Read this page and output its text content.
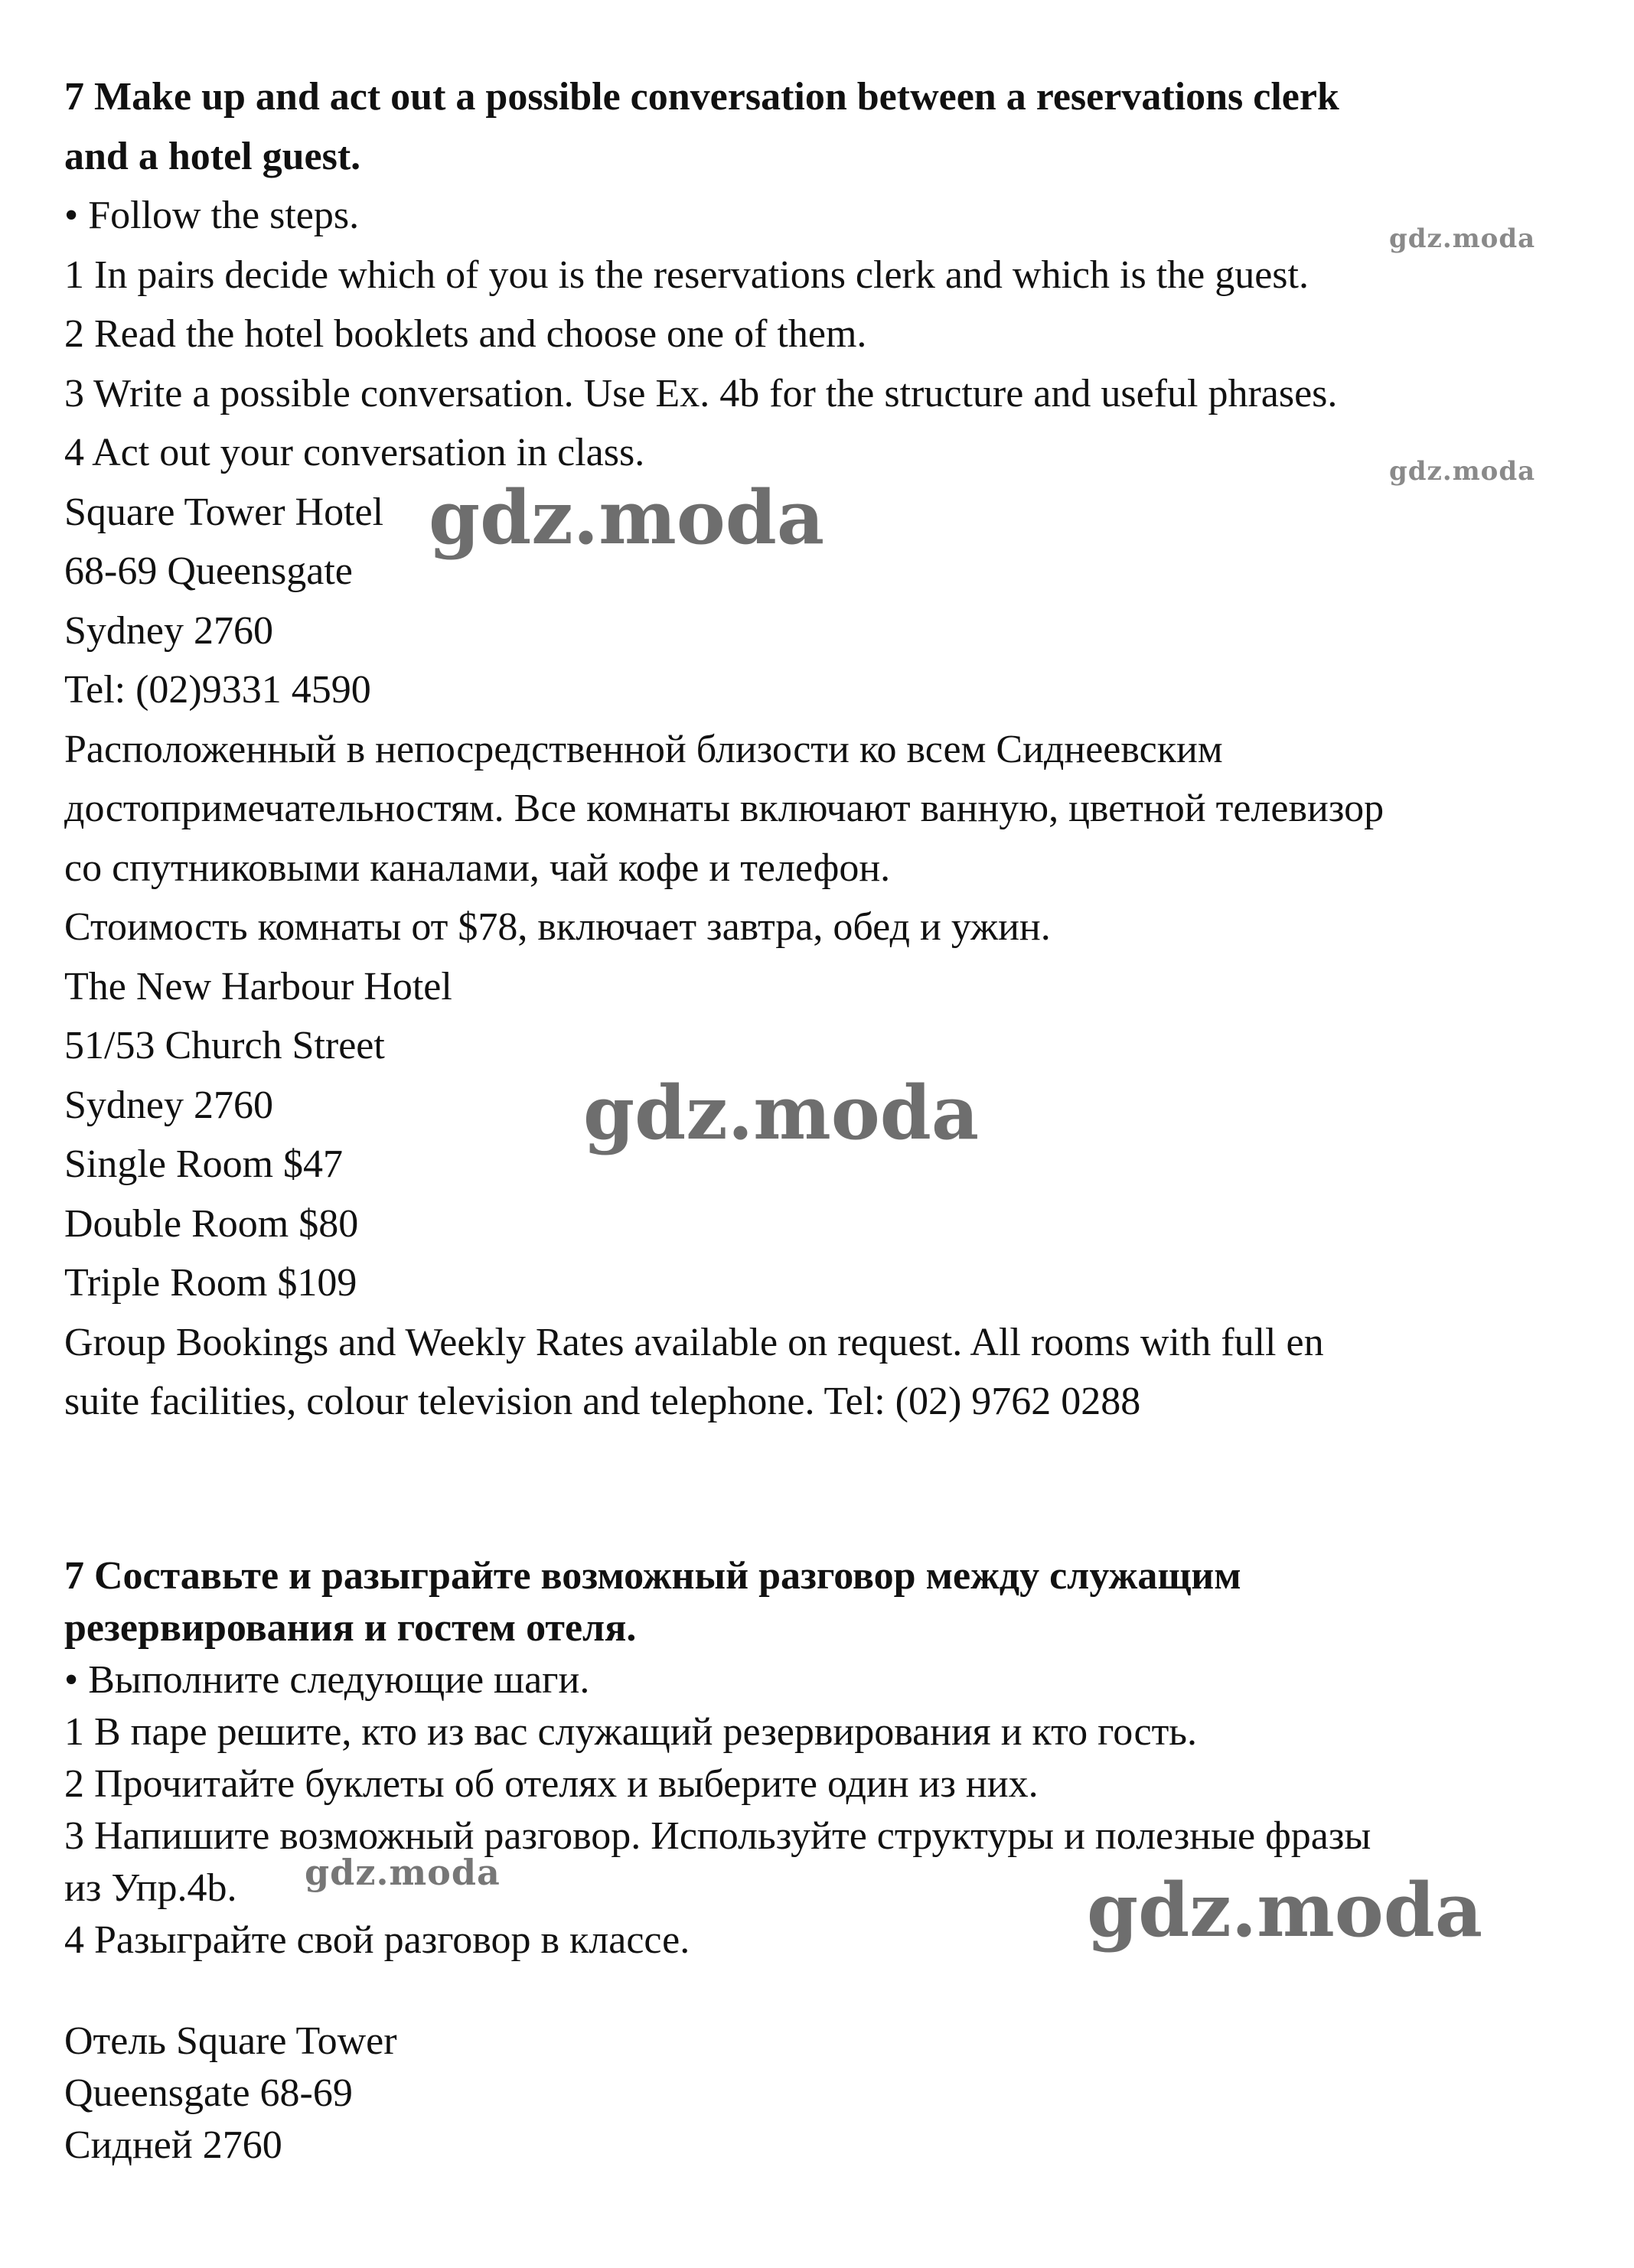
7 Make up and act out a possible conversation between a reservations clerk
and a hotel guest.
• Follow the steps.
1 In pairs decide which of you is the reservations clerk and which is the guest.
2 Read the hotel booklets and choose one of them.
3 Write a possible conversation. Use Ex. 4b for the structure and useful phrases.
4 Act out your conversation in class.
Square Tower Hotel
68-69 Queensgate
Sydney 2760
Tel: (02)9331 4590
Расположенный в непосредственной близости ко всем Сиднеевским
достопримечательностям. Все комнаты включают ванную, цветной телевизор
со спутниковыми каналами, чай кофе и телефон.
Стоимость комнаты от $78, включает завтра, обед и ужин.
The New Harbour Hotel
51/53 Church Street
Sydney 2760
Single Room $47
Double Room $80
Triple Room $109
Group Bookings and Weekly Rates available on request. All rooms with full en
suite facilities, colour television and telephone. Tel: (02) 9762 0288
7 Составьте и разыграйте возможный разговор между служащим
резервирования и гостем отеля.
• Выполните следующие шаги.
1 В паре решите, кто из вас служащий резервирования и кто гость.
2 Прочитайте буклеты об отелях и выберите один из них.
3 Напишите возможный разговор. Используйте структуры и полезные фразы
из Упр.4b.
4 Разыграйте свой разговор в классе.
Отель Square Tower
Queensgate 68-69
Сидней 2760
gdz.moda
gdz.moda
gdz.moda
gdz.moda
gdz.moda	gdz.moda
